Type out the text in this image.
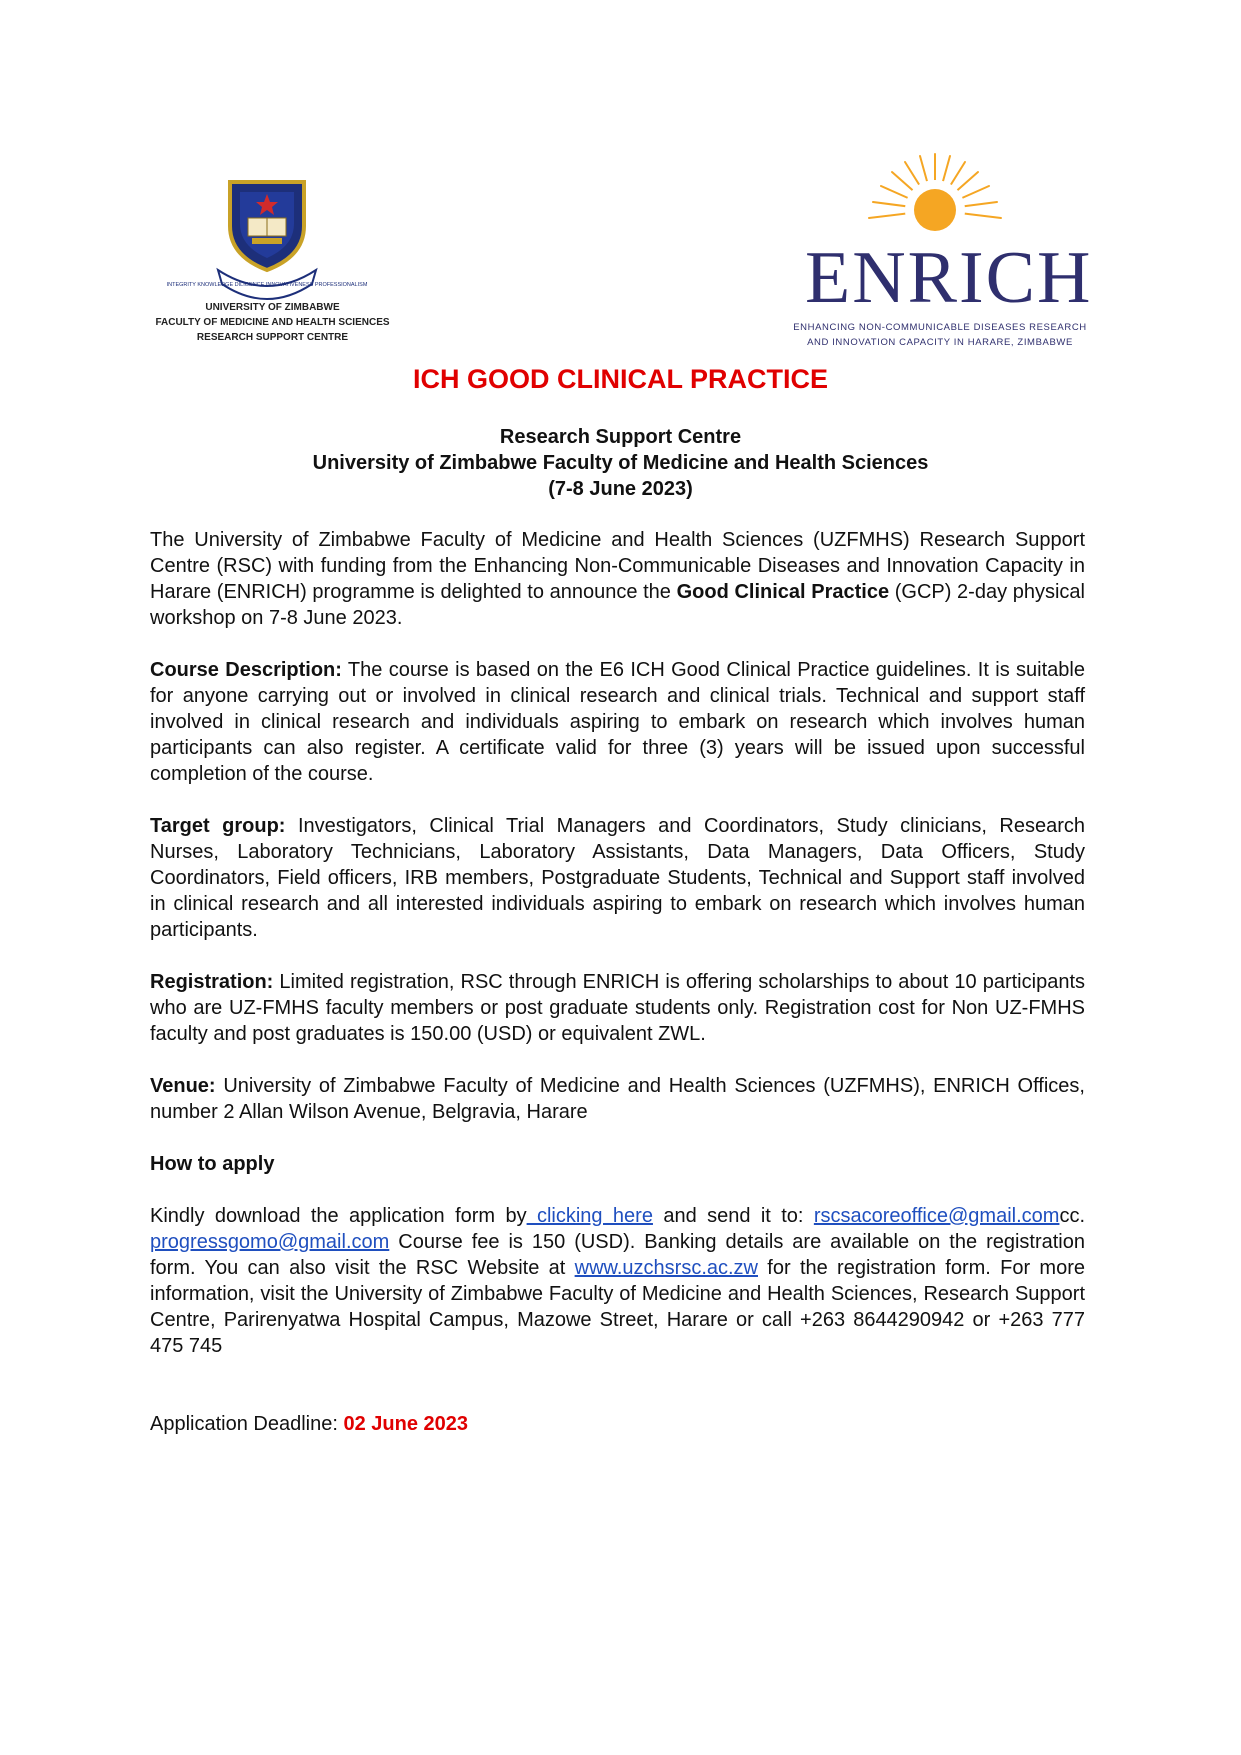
INTEGRITY KNOWLEDGE DILIGENCE INNOVATIVENESS PROFESSIONALISM
UNIVERSITY OF ZIMBABWE
FACULTY OF MEDICINE AND HEALTH SCIENCES
RESEARCH SUPPORT CENTRE
ENRICH
ENHANCING NON-COMMUNICABLE DISEASES RESEARCH
AND INNOVATION CAPACITY IN HARARE, ZIMBABWE
ICH GOOD CLINICAL PRACTICE
Research Support Centre
University of Zimbabwe Faculty of Medicine and Health Sciences
(7-8 June 2023)

The University of Zimbabwe Faculty of Medicine and Health Sciences (UZFMHS) Research Support Centre (RSC) with funding from the Enhancing Non-Communicable Diseases and Innovation Capacity in Harare (ENRICH) programme is delighted to announce the Good Clinical Practice (GCP) 2-day physical workshop on 7-8 June 2023.

Course Description: The course is based on the E6 ICH Good Clinical Practice guidelines. It is suitable for anyone carrying out or involved in clinical research and clinical trials. Technical and support staff involved in clinical research and individuals aspiring to embark on research which involves human participants can also register. A certificate valid for three (3) years will be issued upon successful completion of the course.

Target group: Investigators, Clinical Trial Managers and Coordinators, Study clinicians, Research Nurses, Laboratory Technicians, Laboratory Assistants, Data Managers, Data Officers, Study Coordinators, Field officers, IRB members, Postgraduate Students, Technical and Support staff involved in clinical research and all interested individuals aspiring to embark on research which involves human participants.

Registration: Limited registration, RSC through ENRICH is offering scholarships to about 10 participants who are UZ-FMHS faculty members or post graduate students only. Registration cost for Non UZ-FMHS faculty and post graduates is 150.00 (USD) or equivalent ZWL.

Venue: University of Zimbabwe Faculty of Medicine and Health Sciences (UZFMHS), ENRICH Offices, number 2 Allan Wilson Avenue, Belgravia, Harare

How to apply

Kindly download the application form by clicking here and send it to: rscsacoreoffice@gmail.comcc. progressgomo@gmail.com Course fee is 150 (USD). Banking details are available on the registration form. You can also visit the RSC Website at www.uzchsrsc.ac.zw for the registration form. For more information, visit the University of Zimbabwe Faculty of Medicine and Health Sciences, Research Support Centre, Parirenyatwa Hospital Campus, Mazowe Street, Harare or call +263 8644290942 or +263 777 475 745

Application Deadline: 02 June 2023
